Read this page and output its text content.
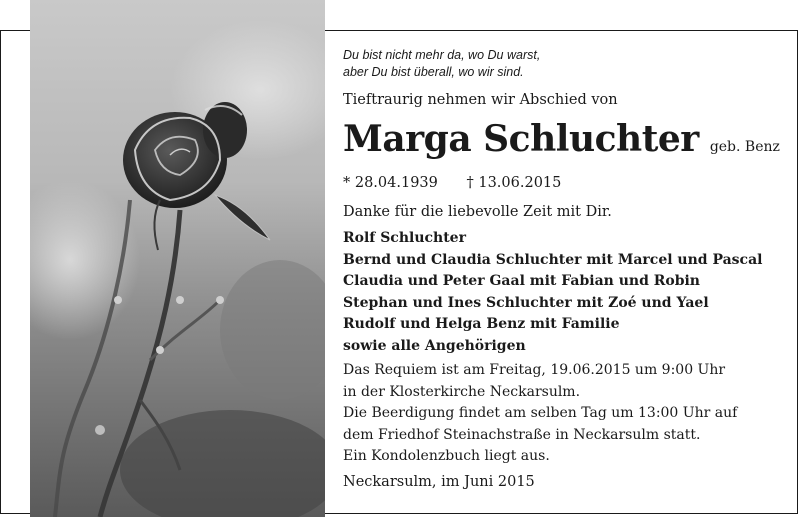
Du bist nicht mehr da, wo Du warst,
aber Du bist überall, wo wir sind.
Tieftraurig nehmen wir Abschied von
Marga Schluchter geb. Benz
* 28.04.1939 † 13.06.2015
Danke für die liebevolle Zeit mit Dir.
Rolf Schluchter
Bernd und Claudia Schluchter mit Marcel und Pascal
Claudia und Peter Gaal mit Fabian und Robin
Stephan und Ines Schluchter mit Zoé und Yael
Rudolf und Helga Benz mit Familie
sowie alle Angehörigen
Das Requiem ist am Freitag, 19.06.2015 um 9:00 Uhr
in der Klosterkirche Neckarsulm.
Die Beerdigung findet am selben Tag um 13:00 Uhr auf
dem Friedhof Steinachstraße in Neckarsulm statt.
Ein Kondolenzbuch liegt aus.
Neckarsulm, im Juni 2015
